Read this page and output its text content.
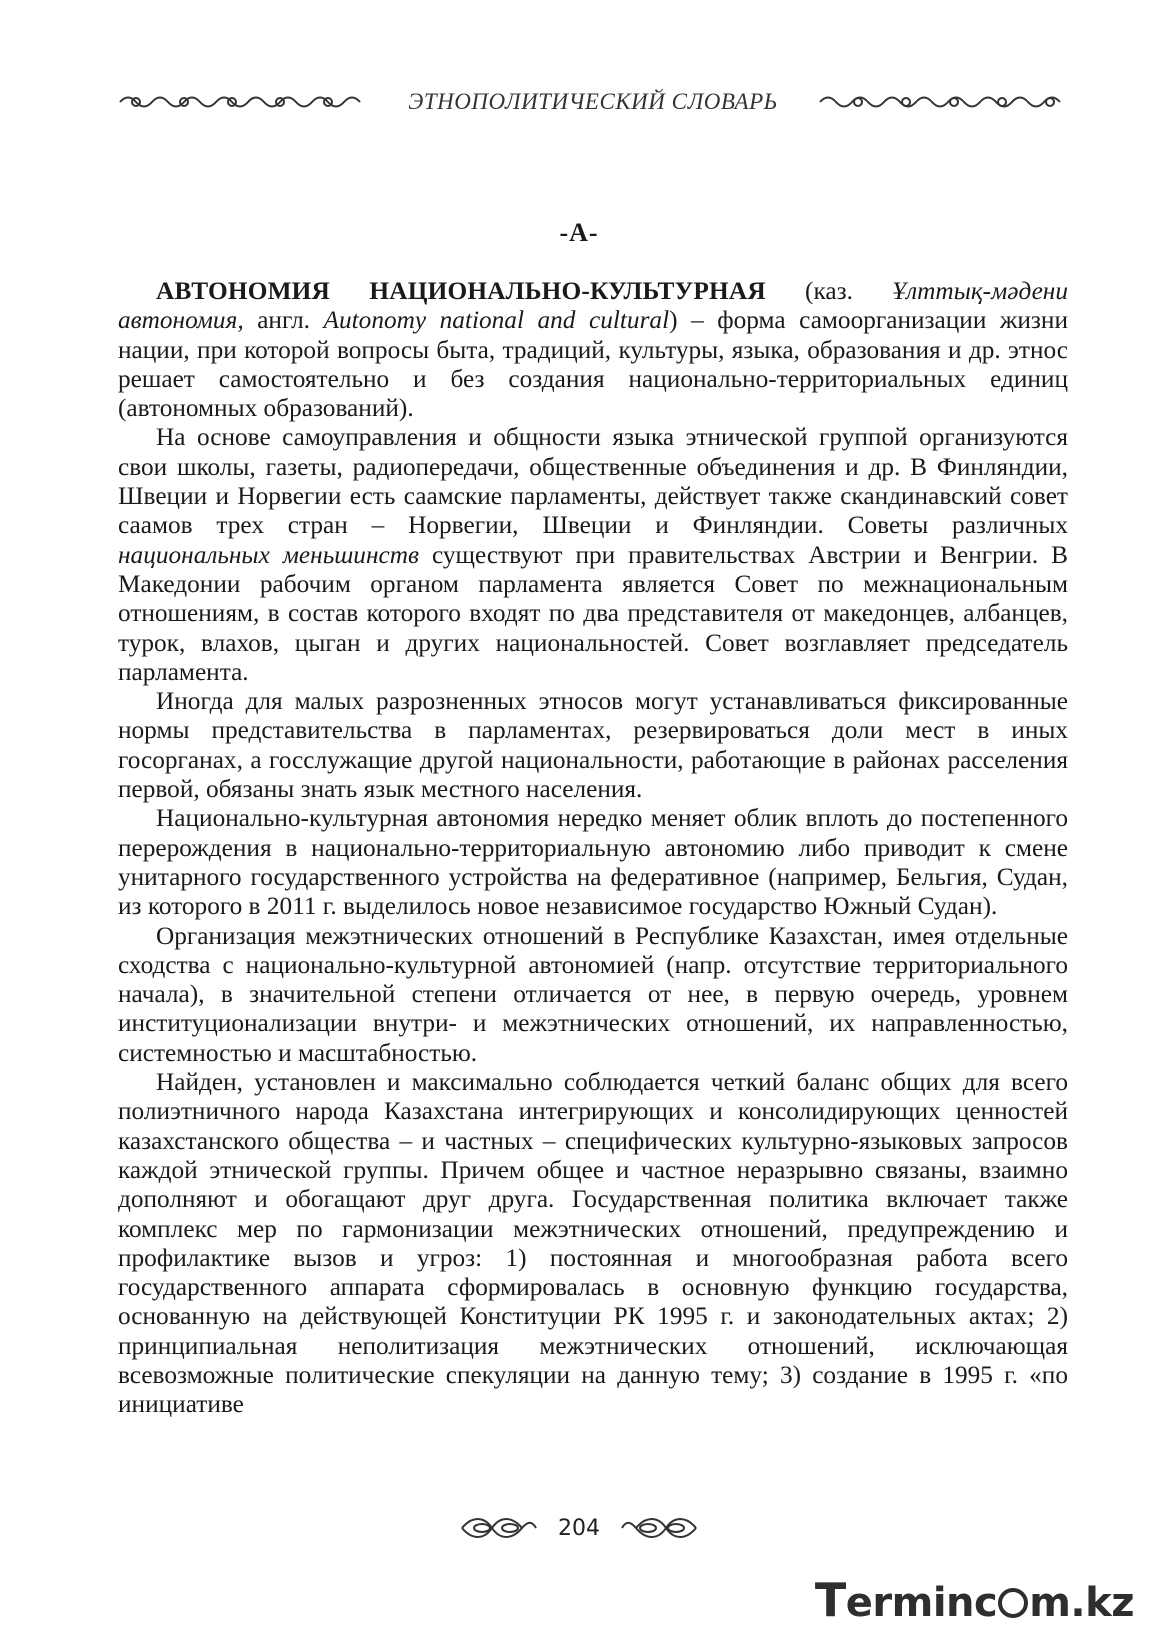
ЭТНОПОЛИТИЧЕСКИЙ СЛОВАРЬ
-А-

АВТОНОМИЯ НАЦИОНАЛЬНО-КУЛЬТУРНАЯ (каз. Ұлттық-мәдени автономия, англ. Autonomy national and cultural) – форма самоорганизации жизни нации, при которой вопросы быта, традиций, культуры, языка, образования и др. этнос решает самостоятельно и без создания национально-территориальных единиц (автономных образований).

На основе самоуправления и общности языка этнической группой организуются свои школы, газеты, радиопередачи, общественные объединения и др. В Финляндии, Швеции и Норвегии есть саамские парламенты, действует также скандинавский совет саамов трех стран – Норвегии, Швеции и Финляндии. Советы различных национальных меньшинств существуют при правительствах Австрии и Венгрии. В Македонии рабочим органом парламента является Совет по межнациональным отношениям, в состав которого входят по два представителя от македонцев, албанцев, турок, влахов, цыган и других национальностей. Совет возглавляет председатель парламента.

Иногда для малых разрозненных этносов могут устанавливаться фиксированные нормы представительства в парламентах, резервироваться доли мест в иных госорганах, а госслужащие другой национальности, работающие в районах расселения первой, обязаны знать язык местного населения.

Национально-культурная автономия нередко меняет облик вплоть до постепенного перерождения в национально-территориальную автономию либо приводит к смене унитарного государственного устройства на федеративное (например, Бельгия, Судан, из которого в 2011 г. выделилось новое независимое государство Южный Судан).

Организация межэтнических отношений в Республике Казахстан, имея отдельные сходства с национально-культурной автономией (напр. отсутствие территориального начала), в значительной степени отличается от нее, в первую очередь, уровнем институционализации внутри- и межэтнических отношений, их направленностью, системностью и масштабностью.

Найден, установлен и максимально соблюдается четкий баланс общих для всего полиэтничного народа Казахстана интегрирующих и консолидирующих ценностей казахстанского общества – и частных – специфических культурно-языковых запросов каждой этнической группы. Причем общее и частное неразрывно связаны, взаимно дополняют и обогащают друг друга. Государственная политика включает также комплекс мер по гармонизации межэтнических отношений, предупреждению и профилактике вызов и угроз: 1) постоянная и многообразная работа всего государственного аппарата сформировалась в основную функцию государства, основанную на действующей Конституции РК 1995 г. и законодательных актах; 2) принципиальная неполитизация межэтнических отношений, исключающая всевозможные политические спекуляции на данную тему; 3) создание в 1995 г. «по инициативе

204
T erminc m.kz
